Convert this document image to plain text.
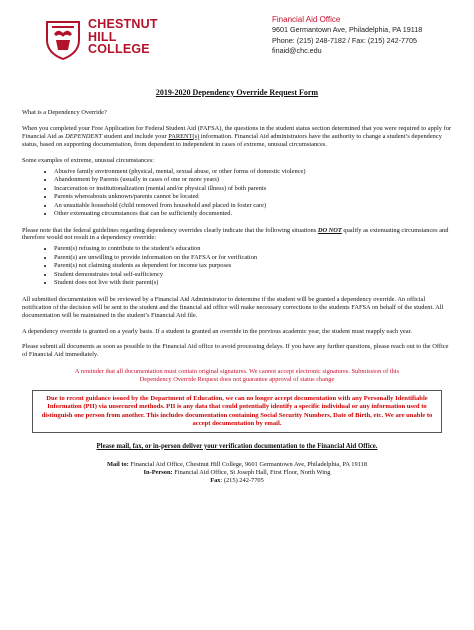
CHESTNUT
HILL
COLLEGE
Financial Aid Office
9601 Germantown Ave, Philadelphia, PA 19118
Phone: (215) 248-7182 / Fax: (215) 242-7705
finaid@chc.edu
2019-2020 Dependency Override Request Form

What is a Dependency Override?

When you completed your Free Application for Federal Student Aid (FAFSA), the questions in the student status section determined that you were required to apply for Financial Aid as DEPENDENT student and include your PARENT(s) information. Financial Aid administrators have the authority to change a student’s dependency status, based on supporting documentation, from dependent to independent in cases of extreme, unusual circumstances.

Some examples of extreme, unusual circumstances:

• Abusive family environment (physical, mental, sexual abuse, or other forms of domestic violence)
• Abandonment by Parents (usually in cases of one or more years)
• Incarceration or institutionalization (mental and/or physical illness) of both parents
• Parents whereabouts unknown/parents cannot be located
• An unsuitable household (child removed from household and placed in foster care)
• Other extenuating circumstances that can be sufficiently documented.

Please note that the federal guidelines regarding dependency overrides clearly indicate that the following situations DO NOT qualify as extenuating circumstances and therefore would not result in a dependency override:

• Parent(s) refusing to contribute to the student’s education
• Parent(s) are unwilling to provide information on the FAFSA or for verification
• Parent(s) not claiming students as dependent for income tax purposes
• Student demonstrates total self-sufficiency
• Student does not live with their parent(s)

All submitted documentation will be reviewed by a Financial Aid Administrator to determine if the student will be granted a dependency override. An official notification of the decision will be sent to the student and the financial aid office will make necessary corrections to the students FAFSA on behalf of the student. All documentation will be maintained in the student’s Financial Aid file.

A dependency override is granted on a yearly basis. If a student is granted an override in the previous academic year, the student must reapply each year.

Please submit all documents as soon as possible to the Financial Aid office to avoid processing delays. If you have any further questions, please reach out to the Office of Financial Aid immediately.

A reminder that all documentation must contain original signatures. We cannot accept electronic signatures. Submission of this
Dependency Override Request does not guarantee approval of status change

Due to recent guidance issued by the Department of Education, we can no longer accept documentation with any Personally Identifiable Information (PII) via unsecured methods. PII is any data that could potentially identify a specific individual or any information used to distinguish one person from another. This includes documentation containing Social Security Numbers, Date of Birth, etc. We are unable to accept documentation by email.

Please mail, fax, or in-person deliver your verification documentation to the Financial Aid Office.

Mail to: Financial Aid Office, Chestnut Hill College, 9601 Germantown Ave, Philadelphia, PA 19118
In-Person: Financial Aid Office, St Joseph Hall, First Floor, North Wing
Fax: (215) 242-7705
